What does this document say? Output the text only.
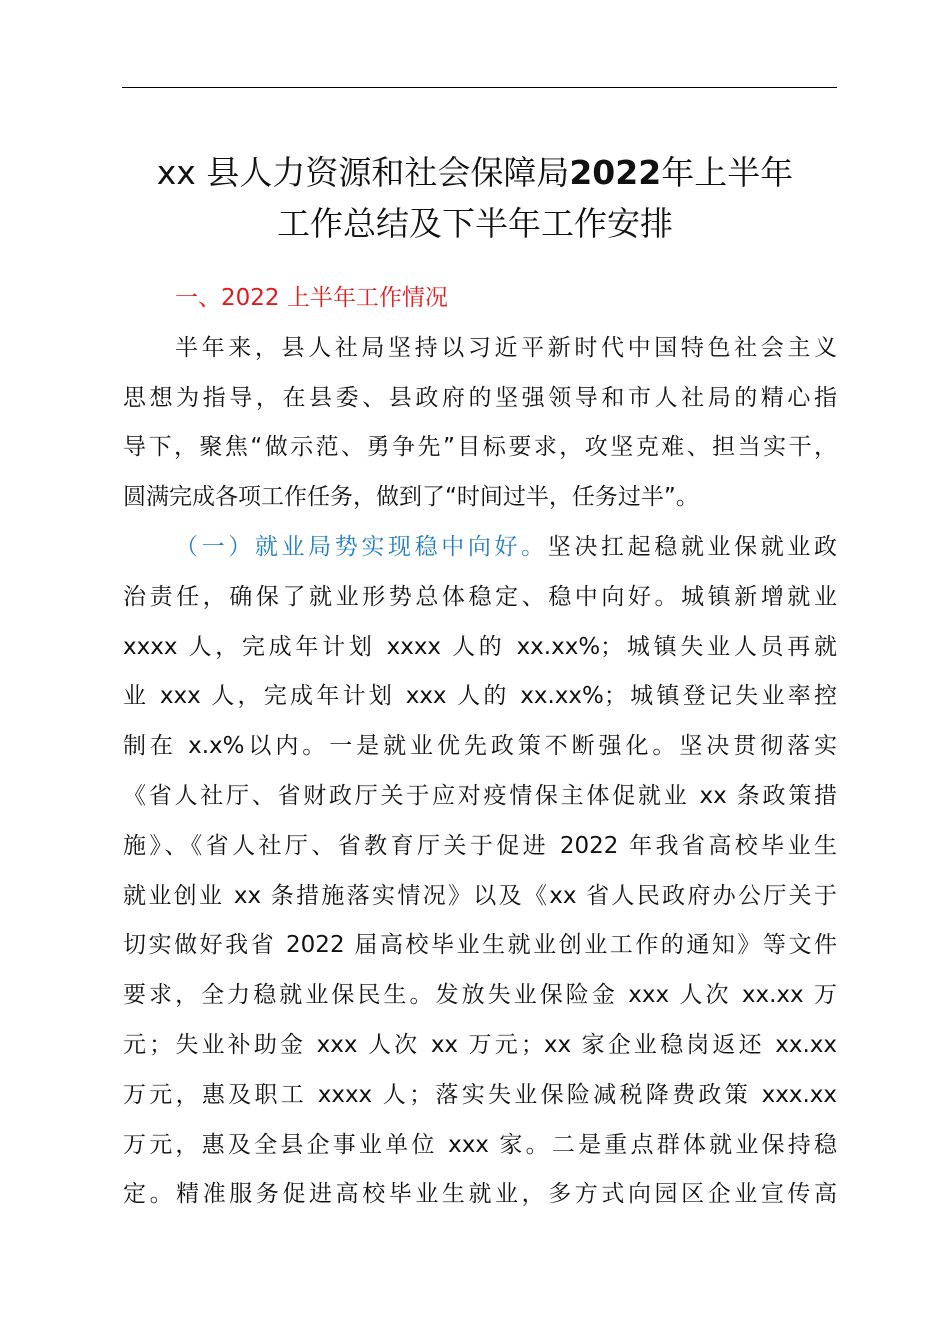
xx 县人力资源和社会保障局2022年上半年
工作总结及下半年工作安排
一、2022 上半年工作情况
半年来，县人社局坚持以习近平新时代中国特色社会主义
思想为指导，在县委、县政府的坚强领导和市人社局的精心指
导下，聚焦“做示范、勇争先”目标要求，攻坚克难、担当实干，
圆满完成各项工作任务，做到了“时间过半，任务过半”。
（一）就业局势实现稳中向好。坚决扛起稳就业保就业政
治责任，确保了就业形势总体稳定、稳中向好。城镇新增就业
xxxx 人，完成年计划 xxxx 人的 xx.xx%；城镇失业人员再就
业 xxx 人，完成年计划 xxx 人的 xx.xx%；城镇登记失业率控
制在 x.x%以内。一是就业优先政策不断强化。坚决贯彻落实
《省人社厅、省财政厅关于应对疫情保主体促就业 xx 条政策措
施》、《省人社厅、省教育厅关于促进 2022 年我省高校毕业生
就业创业 xx 条措施落实情况》以及《xx 省人民政府办公厅关于
切实做好我省 2022 届高校毕业生就业创业工作的通知》等文件
要求，全力稳就业保民生。发放失业保险金 xxx 人次 xx.xx 万
元；失业补助金 xxx 人次 xx 万元；xx 家企业稳岗返还 xx.xx
万元，惠及职工 xxxx 人；落实失业保险减税降费政策 xxx.xx
万元，惠及全县企事业单位 xxx 家。二是重点群体就业保持稳
定。精准服务促进高校毕业生就业，多方式向园区企业宣传高
